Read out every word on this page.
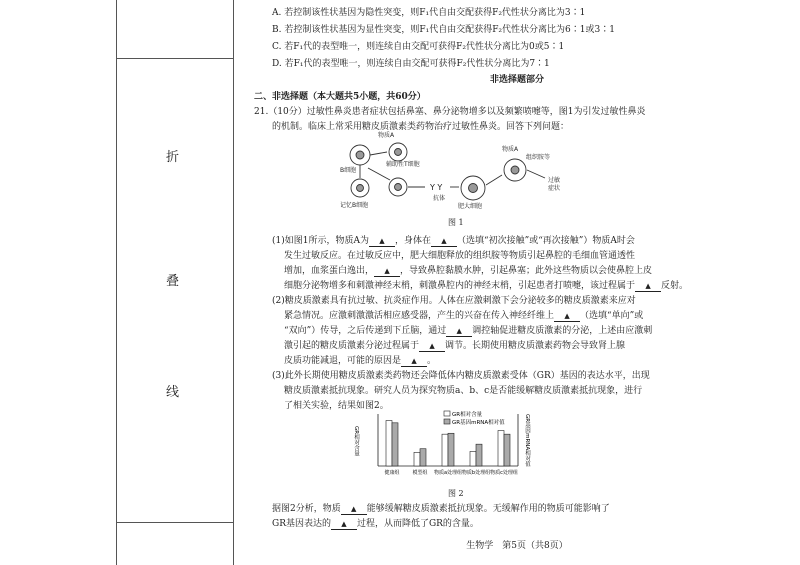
折
叠
线
A. 若控制该性状基因为隐性突变，则F₁代自由交配获得F₂代性状分离比为3∶1
B. 若控制该性状基因为显性突变，则F₁代自由交配获得F₂代性状分离比为6∶1或3∶1
C. 若F₁代的表型唯一，则连续自由交配可获得F₂代性状分离比为0或5∶1
D. 若F₁代的表型唯一，则连续自由交配可获得F₂代性状分离比为7∶1
非选择题部分
二、非选择题（本大题共5小题，共60分）
21.（10分）过敏性鼻炎患者症状包括鼻塞、鼻分泌物增多以及频繁喷嚏等，图1为引发过敏性鼻炎
的机制。临床上常采用糖皮质激素类药物治疗过敏性鼻炎。回答下列问题：
物质A
辅助性T细胞
B细胞
记忆B细胞
抗体
肥大细胞
物质A
组织胺等
过敏
症状
Y Y
图 1
(1)如图1所示，物质A为 ▲ ，身体在 ▲ （选填“初次接触”或“再次接触”）物质A时会
发生过敏反应。在过敏反应中，肥大细胞释放的组织胺等物质引起鼻腔的毛细血管通透性
增加，血浆蛋白逸出， ▲ ，导致鼻腔黏膜水肿，引起鼻塞；此外这些物质以会使鼻腔上皮
细胞分泌物增多和刺激神经末梢，刺激鼻腔内的神经末梢，引起患者打喷嚏，该过程属于 ▲ 反射。
(2)糖皮质激素具有抗过敏、抗炎症作用。人体在应激刺激下会分泌较多的糖皮质激素来应对
紧急情况。应激刺激激活相应感受器，产生的兴奋在传入神经纤维上 ▲ （选填“单向”或
“双向”）传导，之后传递到下丘脑，通过 ▲ 调控轴促进糖皮质激素的分泌，上述由应激刺
激引起的糖皮质激素分泌过程属于 ▲ 调节。长期使用糖皮质激素药物会导致肾上腺
皮质功能减退，可能的原因是 ▲ 。
(3)此外长期使用糖皮质激素类药物还会降低体内糖皮质激素受体（GR）基因的表达水平，出现
糖皮质激素抵抗现象。研究人员为探究物质a、b、c是否能缓解糖皮质激素抵抗现象，进行
了相关实验，结果如图2。
GR相对含量	GR基因mRNA相对值
GR相对含量
GR基因mRNA相对值
健康组	模型组 物质a处理组 物质b处理组 物质c处理组
图 2
据图2分析，物质 ▲ 能够缓解糖皮质激素抵抗现象。无缓解作用的物质可能影响了
GR基因表达的 ▲ 过程，从而降低了GR的含量。
生物学　第5页（共8页）
